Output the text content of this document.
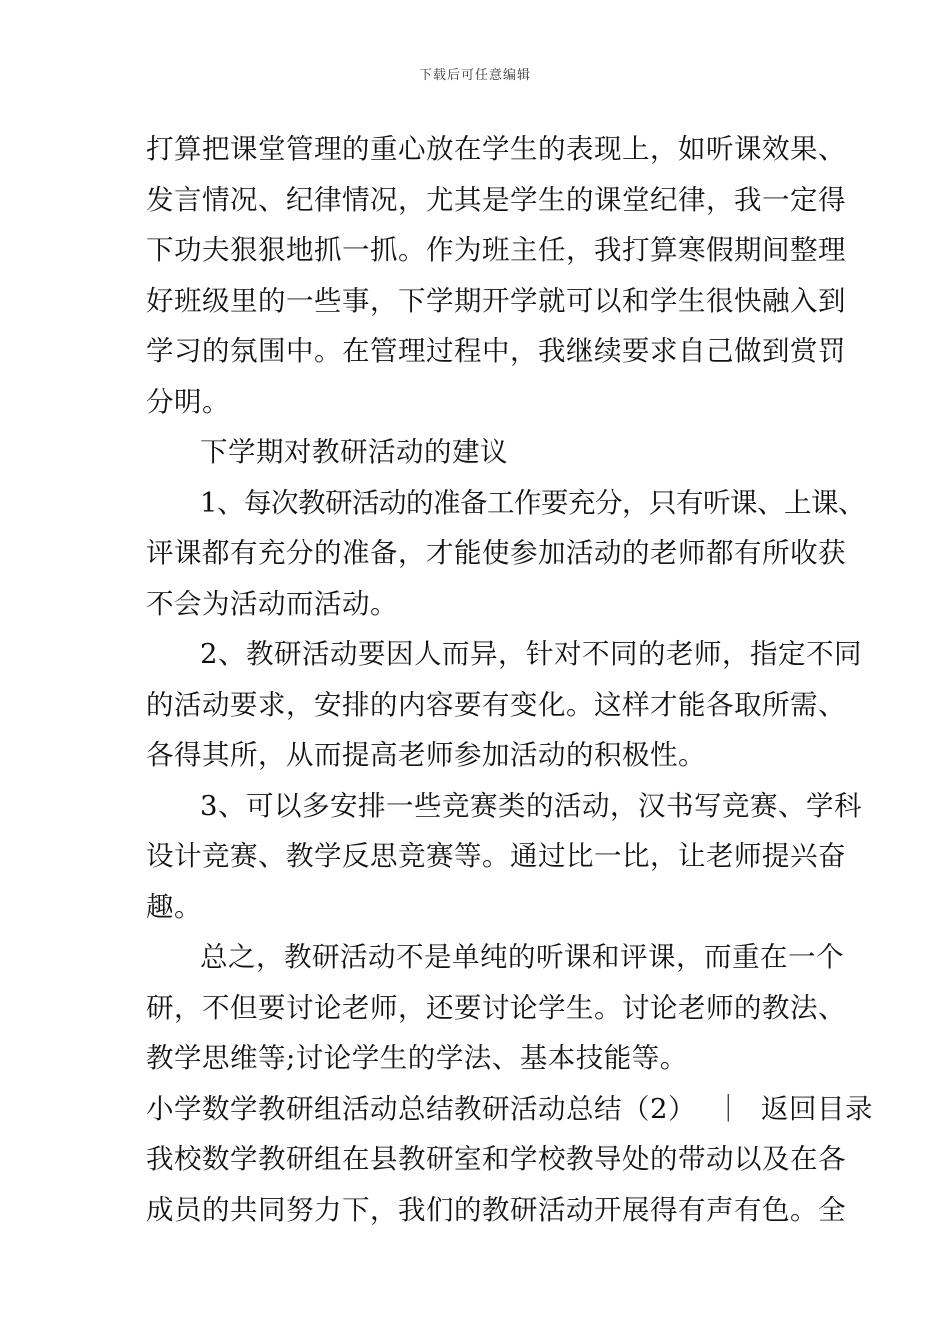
下载后可任意编辑
打算把课堂管理的重心放在学生的表现上，如听课效果、
发言情况、纪律情况，尤其是学生的课堂纪律，我一定得
下功夫狠狠地抓一抓。作为班主任，我打算寒假期间整理
好班级里的一些事，下学期开学就可以和学生很快融入到
学习的氛围中。在管理过程中，我继续要求自己做到赏罚
分明。
下学期对教研活动的建议
1、每次教研活动的准备工作要充分，只有听课、上课、
评课都有充分的准备，才能使参加活动的老师都有所收获
不会为活动而活动。
2、教研活动要因人而异，针对不同的老师，指定不同
的活动要求，安排的内容要有变化。这样才能各取所需、
各得其所，从而提高老师参加活动的积极性。
3、可以多安排一些竞赛类的活动，汉书写竞赛、学科
设计竞赛、教学反思竞赛等。通过比一比，让老师提兴奋
趣。
总之，教研活动不是单纯的听课和评课，而重在一个
研，不但要讨论老师，还要讨论学生。讨论老师的教法、
教学思维等;讨论学生的学法、基本技能等。
小学数学教研组活动总结教研活动总结（2） ｜ 返回目录
我校数学教研组在县教研室和学校教导处的带动以及在各
成员的共同努力下，我们的教研活动开展得有声有色。全
